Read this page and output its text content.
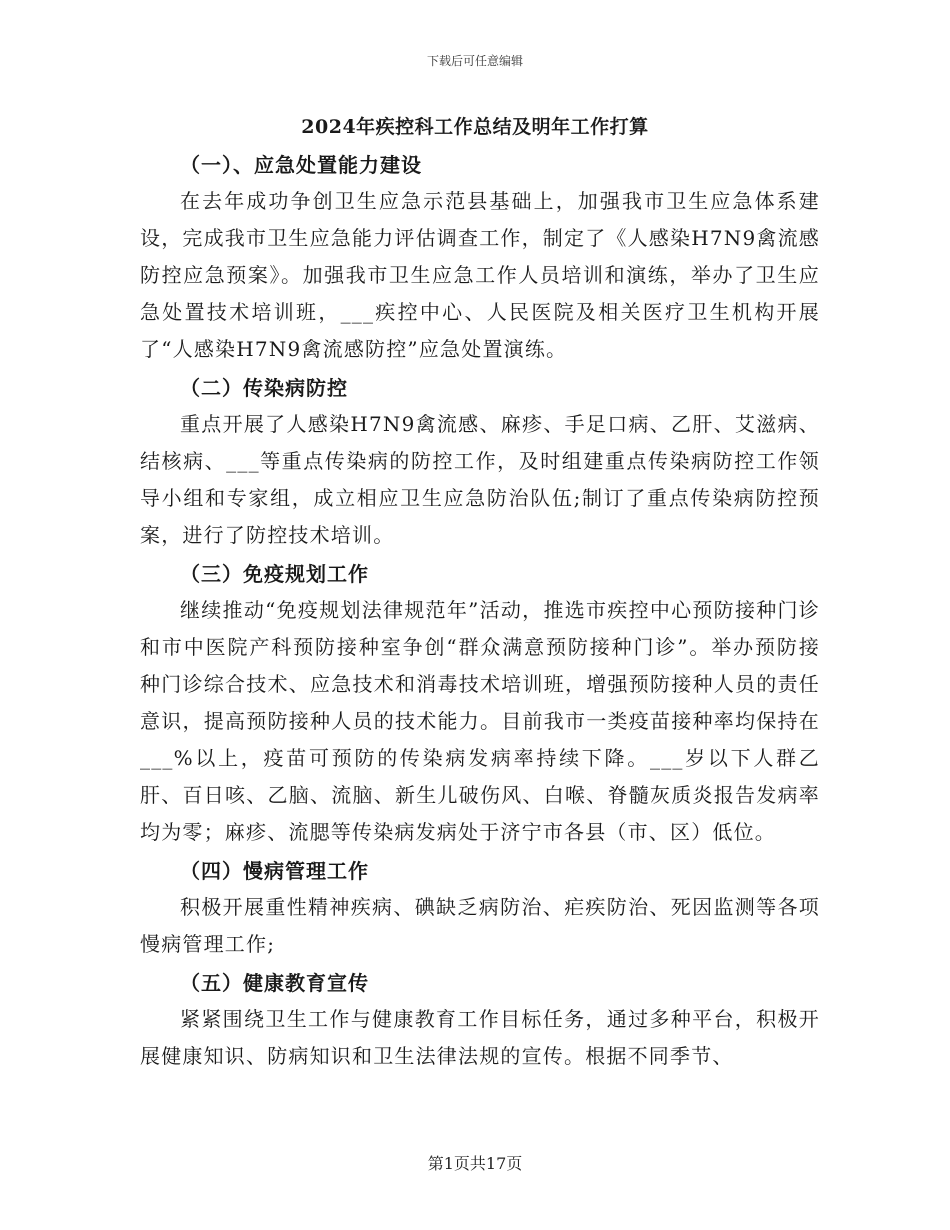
下载后可任意编辑
2024年疾控科工作总结及明年工作打算

（一）、应急处置能力建设

在去年成功争创卫生应急示范县基础上，加强我市卫生应急体系建设，完成我市卫生应急能力评估调查工作，制定了《人感染H7N9禽流感防控应急预案》。加强我市卫生应急工作人员培训和演练，举办了卫生应急处置技术培训班，___疾控中心、人民医院及相关医疗卫生机构开展了“人感染H7N9禽流感防控”应急处置演练。

（二）传染病防控

重点开展了人感染H7N9禽流感、麻疹、手足口病、乙肝、艾滋病、结核病、___等重点传染病的防控工作，及时组建重点传染病防控工作领导小组和专家组，成立相应卫生应急防治队伍;制订了重点传染病防控预案，进行了防控技术培训。

（三）免疫规划工作

继续推动“免疫规划法律规范年”活动，推选市疾控中心预防接种门诊和市中医院产科预防接种室争创“群众满意预防接种门诊”。举办预防接种门诊综合技术、应急技术和消毒技术培训班，增强预防接种人员的责任意识，提高预防接种人员的技术能力。目前我市一类疫苗接种率均保持在___%以上，疫苗可预防的传染病发病率持续下降。___岁以下人群乙肝、百日咳、乙脑、流脑、新生儿破伤风、白喉、脊髓灰质炎报告发病率均为零；麻疹、流腮等传染病发病处于济宁市各县（市、区）低位。

（四）慢病管理工作

积极开展重性精神疾病、碘缺乏病防治、疟疾防治、死因监测等各项慢病管理工作;

（五）健康教育宣传

紧紧围绕卫生工作与健康教育工作目标任务，通过多种平台，积极开展健康知识、防病知识和卫生法律法规的宣传。根据不同季节、

第1页共17页
